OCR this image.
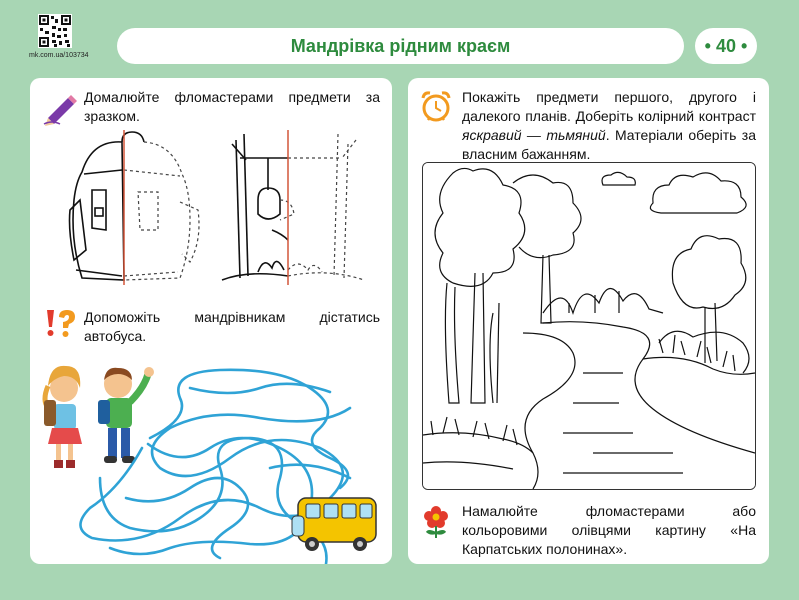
mk.com.ua/103734	Мандрівка рідним краєм	• 40 •
Домалюйте фломастерами предмети за зразком.
Допоможіть мандрівникам дістатись автобуса.
Покажіть предмети першого, другого і далекого планів. Доберіть колірний контраст яскравий — тьмяний. Матеріали оберіть за власним бажанням.
Намалюйте фломастерами або кольоровими олівцями картину «На Карпатських полонинах».
